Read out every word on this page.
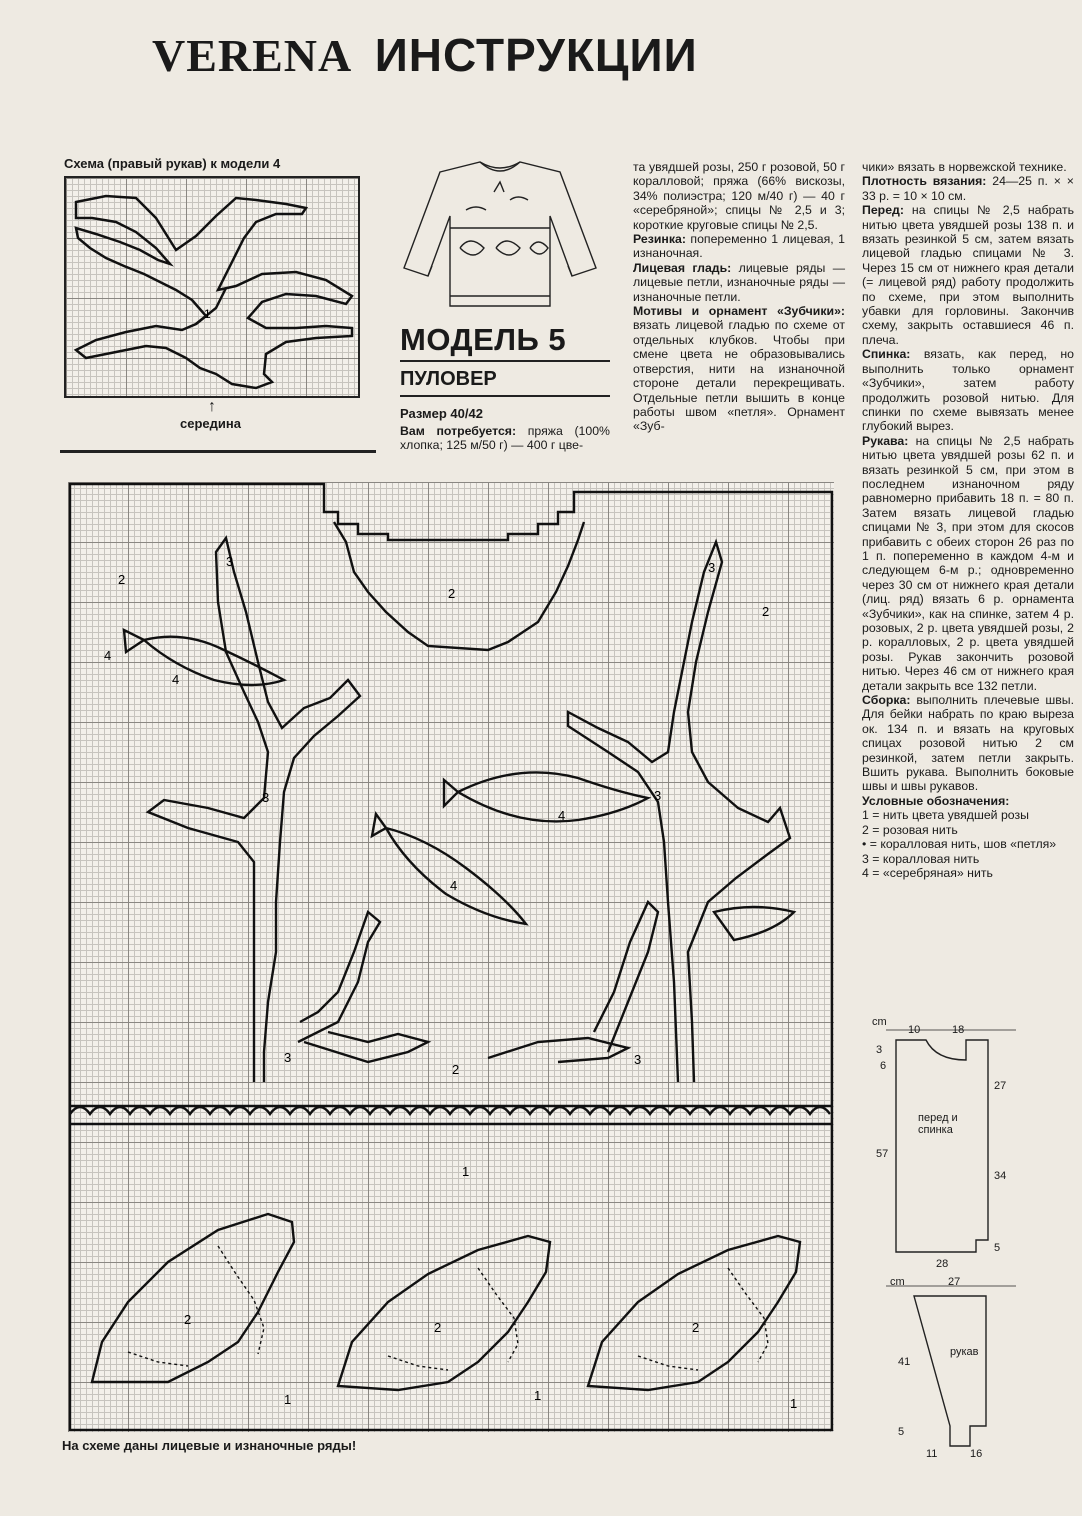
VERENA ИНСТРУКЦИИ
Схема (правый рукав) к модели 4
1
↑
середина
МОДЕЛЬ 5
ПУЛОВЕР
Размер 40/42
Вам потребуется: пряжа (100% хлопка; 125 м/50 г) — 400 г цве-

та увядшей розы, 250 г розовой, 50 г коралловой; пряжа (66% вискозы, 34% полиэстра; 120 м/40 г) — 40 г «серебряной»; спицы № 2,5 и 3; короткие круговые спицы № 2,5.

Резинка: попеременно 1 лицевая, 1 изнаночная.

Лицевая гладь: лицевые ряды — лицевые петли, изнаночные ряды — изнаночные петли.

Мотивы и орнамент «Зубчики»: вязать лицевой гладью по схеме от отдельных клубков. Чтобы при смене цвета не образовывались отверстия, нити на изнаночной стороне детали перекрещивать. Отдельные петли вышить в конце работы швом «петля». Орнамент «Зуб-

чики» вязать в норвежской технике.

Плотность вязания: 24—25 п. × × 33 р. = 10 × 10 см.

Перед: на спицы № 2,5 набрать нитью цвета увядшей розы 138 п. и вязать резинкой 5 см, затем вязать лицевой гладью спицами № 3. Через 15 см от нижнего края детали (= лицевой ряд) работу продолжить по схеме, при этом выполнить убавки для горловины. Закончив схему, закрыть оставшиеся 46 п. плеча.

Спинка: вязать, как перед, но выполнить только орнамент «Зубчики», затем работу продолжить розовой нитью. Для спинки по схеме вывязать менее глубокий вырез.

Рукава: на спицы № 2,5 набрать нитью цвета увядшей розы 62 п. и вязать резинкой 5 см, при этом в последнем изнаночном ряду равномерно прибавить 18 п. = 80 п. Затем вязать лицевой гладью спицами № 3, при этом для скосов прибавить с обеих сторон 26 раз по 1 п. попеременно в каждом 4-м и следующем 6-м р.; одновременно через 30 см от нижнего края детали (лиц. ряд) вязать 6 р. орнамента «Зубчики», как на спинке, затем 4 р. розовых, 2 р. цвета увядшей розы, 2 р. коралловых, 2 р. цвета увядшей розы. Рукав закончить розовой нитью. Через 46 см от нижнего края детали закрыть все 132 петли.

Сборка: выполнить плечевые швы. Для бейки набрать по краю выреза ок. 134 п. и вязать на круговых спицах розовой нитью 2 см резинкой, затем петли закрыть. Вшить рукава. Выполнить боковые швы и швы рукавов.

Условные обозначения:

1 = нить цвета увядшей розы

2 = розовая нить

• = коралловая нить, шов «петля»

3 = коралловая нить

4 = «серебряная» нить

2
2
2
4
4
3
3	3
3
4
4
3
2
3
1
2
2	2
1	1
1
На схеме даны лицевые и изнаночные ряды!
cm
10	18
3
6
57
27
34
5
28
перед и спинка
cm	27
41
5
11	16
рукав
